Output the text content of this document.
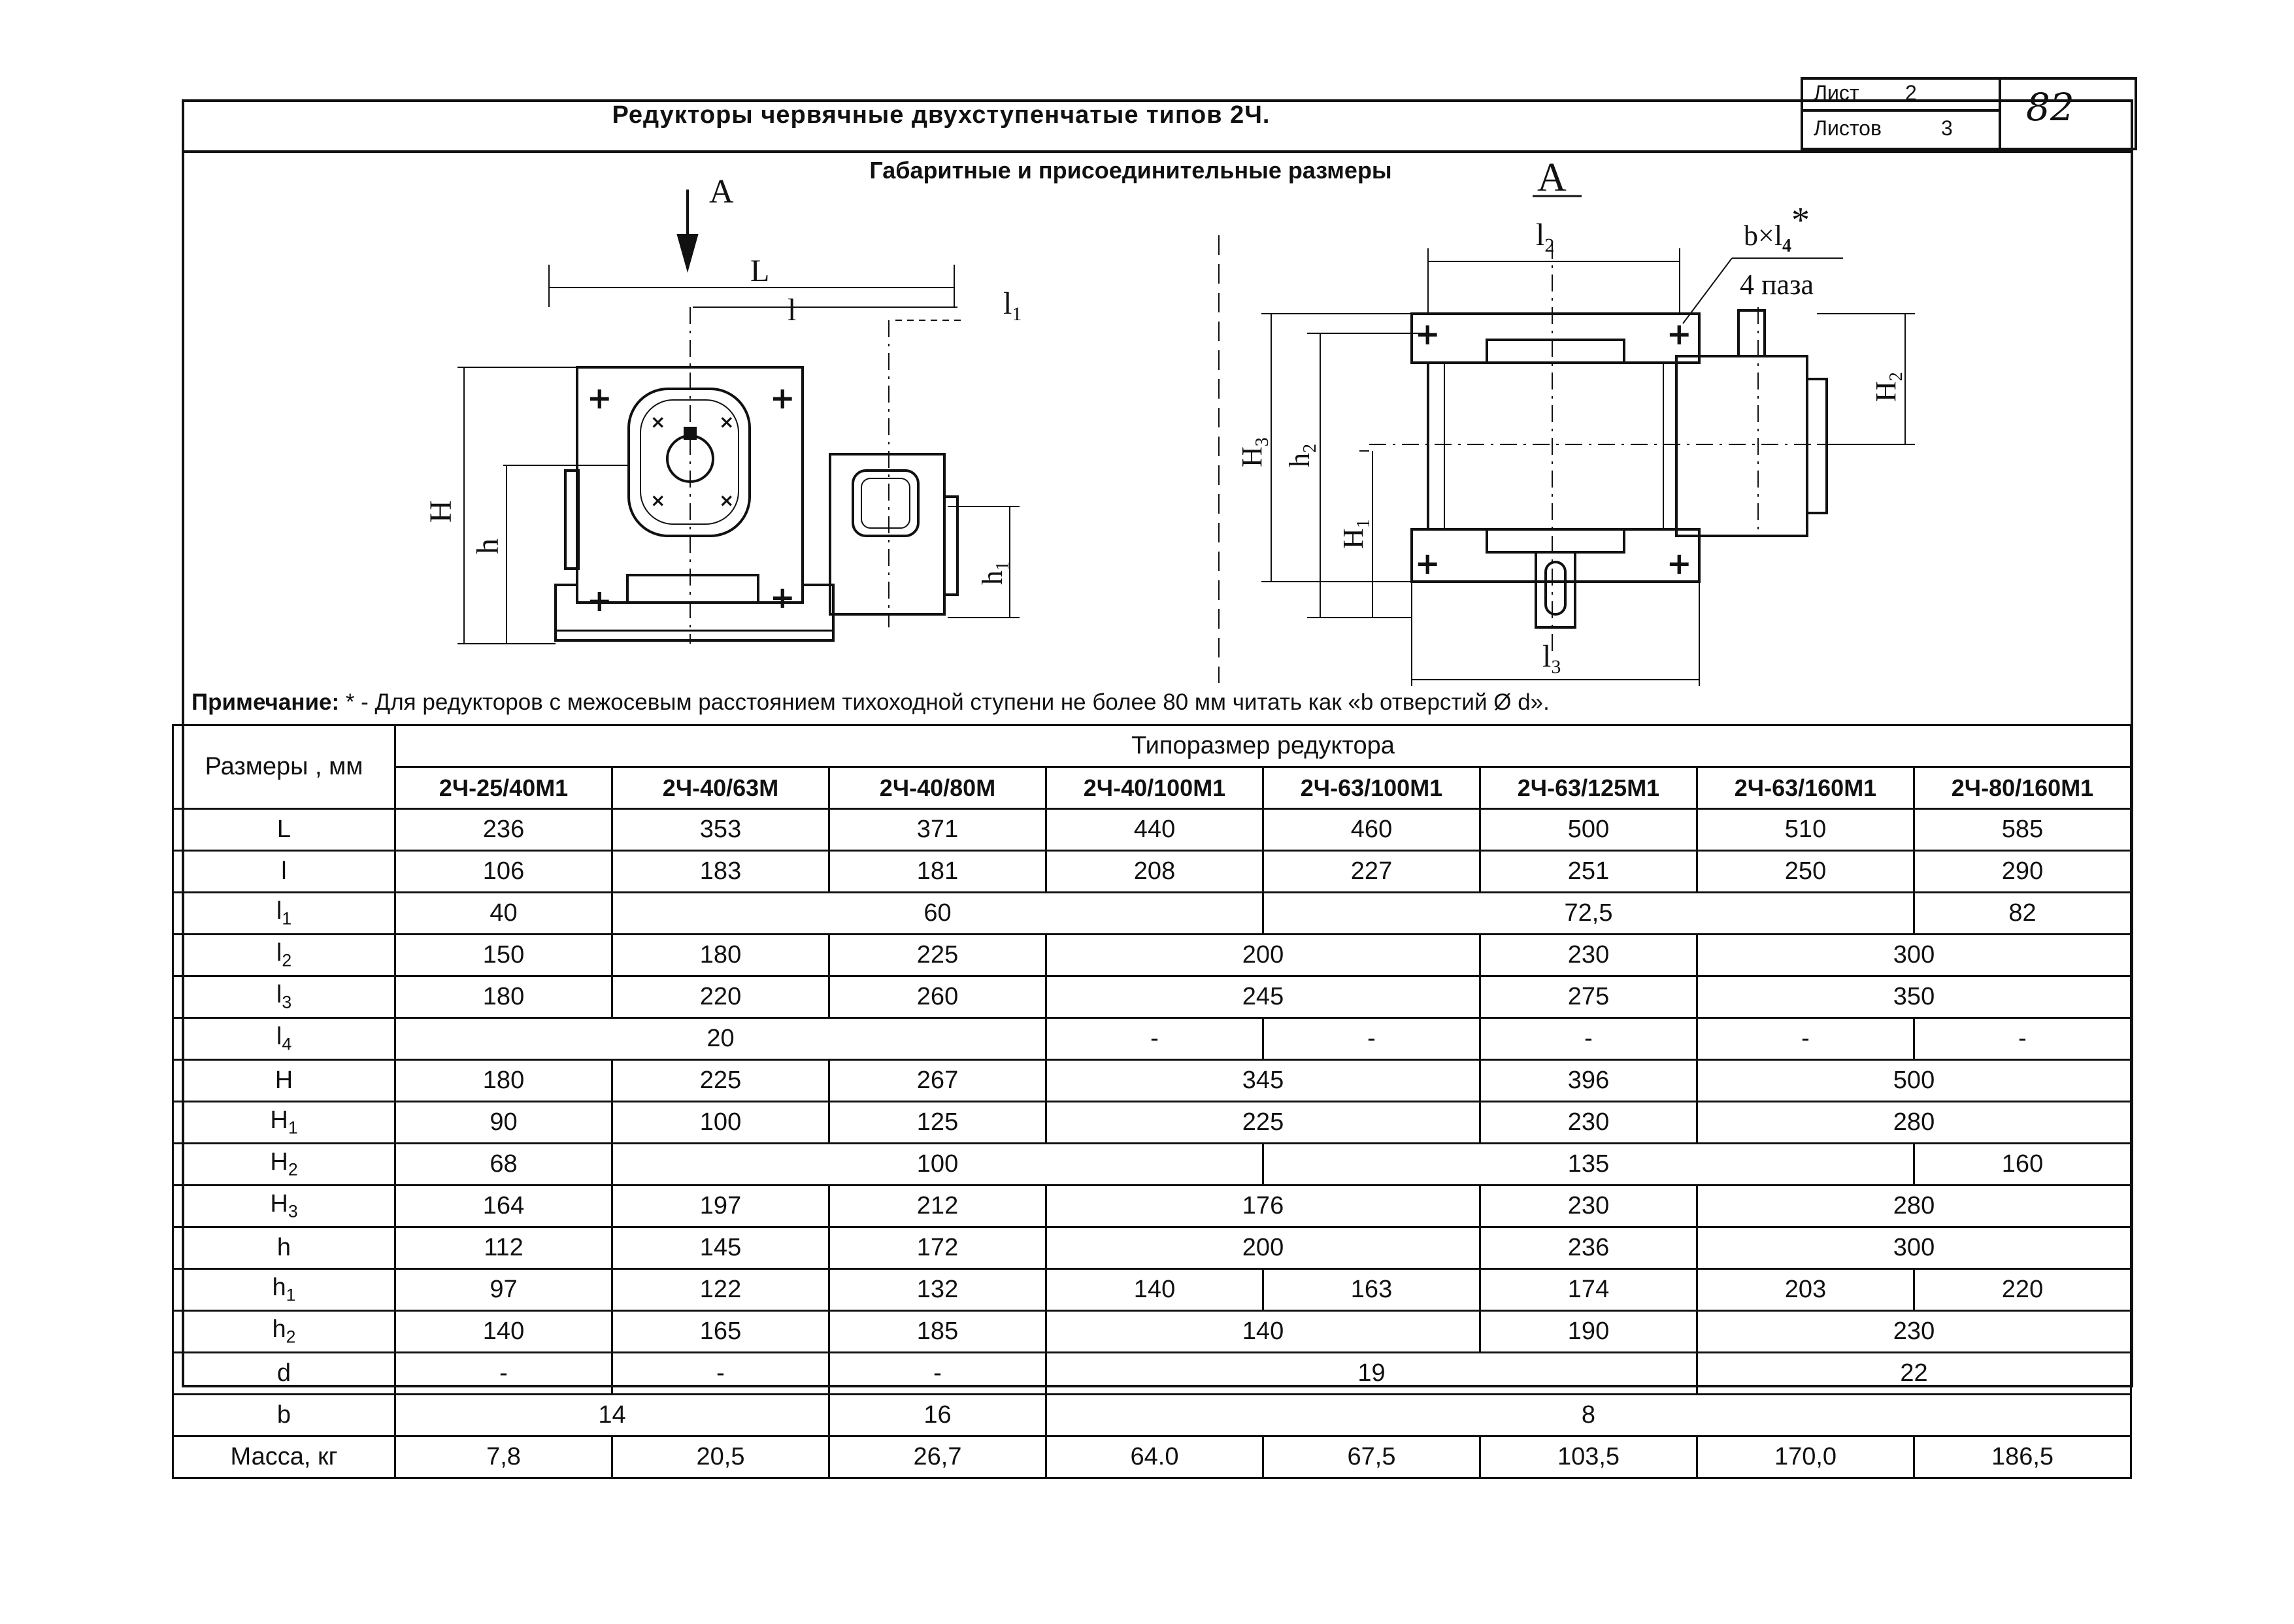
Редукторы червячные двухступенчатые типов 2Ч.
Лист 2
Листов	3 82
Габаритные и присоединительные размеры
+	+
+	+
+	+
+	+
×	×
×	×
A	A
L
l	$l_1$
H
h
$h_1$
$l_2$
$l_3$
$H_3$
$h_2$
$H_1$
$H_2$
$b\times l_4*$
4 паза
Примечание: * - Для редукторов с межосевым расстоянием тихоходной ступени не более 80 мм читать как «b отверстий Ø d».
Размеры , мм	Типоразмер редуктора							
	2Ч-25/40М1	2Ч-40/63М	2Ч-40/80М	2Ч-40/100М1	2Ч-63/100М1	2Ч-63/125М1	2Ч-63/160М1	2Ч-80/160М1
L	236	353	371	440	460	500	510	585
l	106	183	181	208	227	251	250	290
$l_1$	40	60			72,5			82
$l_2$	150	180	225	200		230	300	
$l_3$	180	220	260	245		275	350	
$l_4$	20			-	-	-	-	-
H	180	225	267	345		396	500	
$H_1$	90	100	125	225		230	280	
$H_2$	68	100			135			160
$H_3$	164	197	212	176		230	280	
h	112	145	172	200		236	300	
$h_1$	97	122	132	140	163	174	203	220
$h_2$	140	165	185	140		190	230	
d	-	-	-	19			22	
b	14		16	8				
Масса, кг	7,8	20,5	26,7	64.0	67,5	103,5	170,0	186,5
